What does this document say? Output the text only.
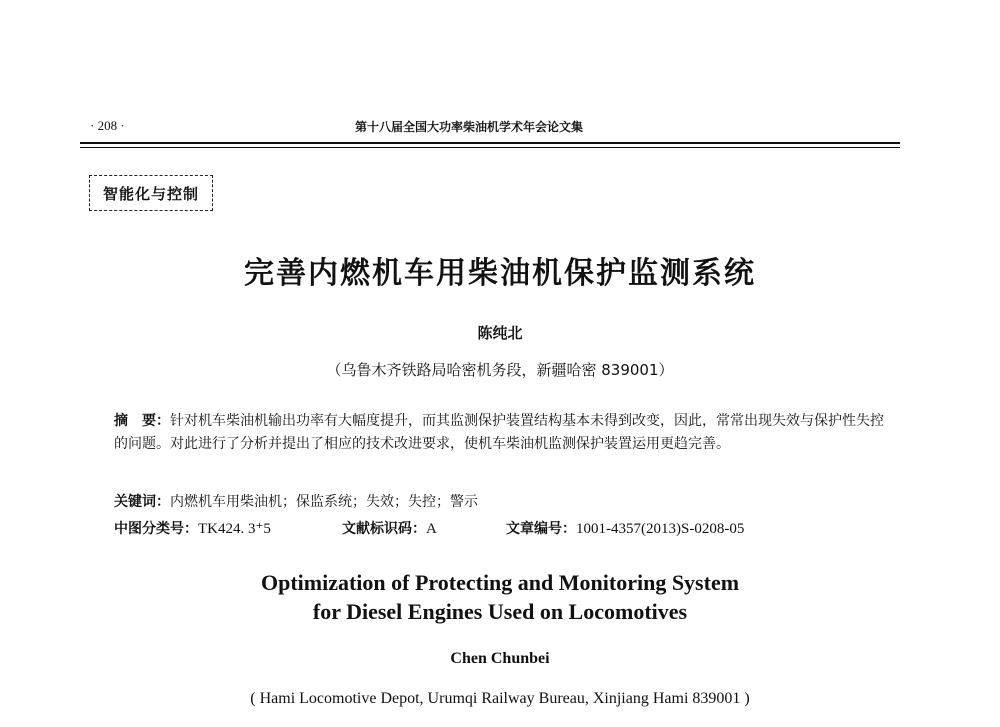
· 208 ·	第十八届全国大功率柴油机学术年会论文集
智能化与控制
完善内燃机车用柴油机保护监测系统
陈纯北
（乌鲁木齐铁路局哈密机务段，新疆哈密 839001）
摘　要：针对机车柴油机输出功率有大幅度提升，而其监测保护装置结构基本未得到改变，因此，常常出现失效与保护性失控的问题。对此进行了分析并提出了相应的技术改进要求，使机车柴油机监测保护装置运用更趋完善。
关键词：内燃机车用柴油机；保监系统；失效；失控；警示
中图分类号：TK424. 3⁺5	文献标识码：A	文章编号：1001-4357(2013)S-0208-05
Optimization of Protecting and Monitoring System
for Diesel Engines Used on Locomotives
Chen Chunbei
( Hami Locomotive Depot, Urumqi Railway Bureau, Xinjiang Hami 839001 )
